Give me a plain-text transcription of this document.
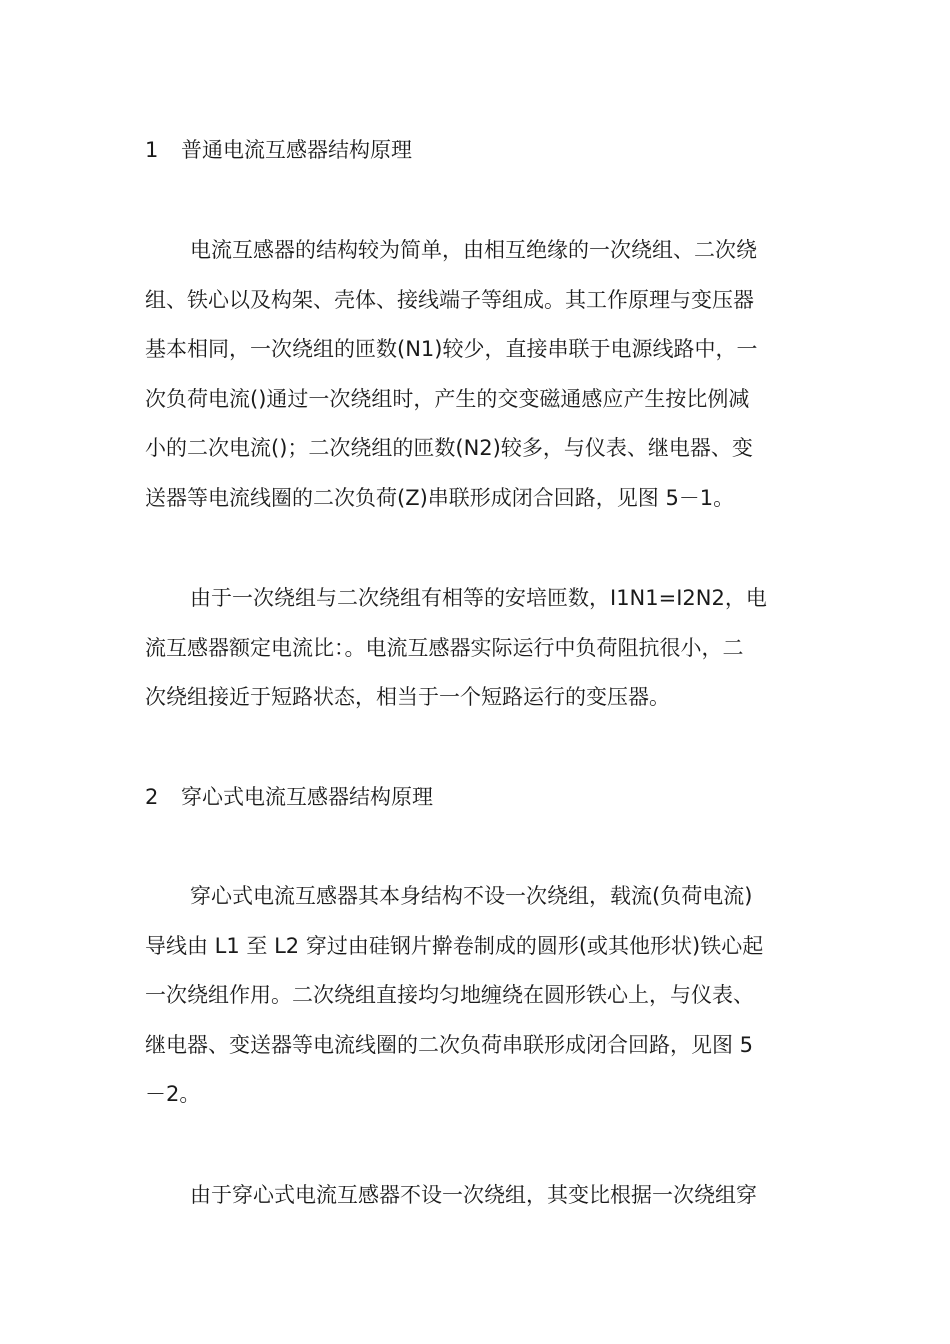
1 普通电流互感器结构原理
电流互感器的结构较为简单，由相互绝缘的一次绕组、二次绕
组、铁心以及构架、壳体、接线端子等组成。其工作原理与变压器
基本相同，一次绕组的匝数(N1)较少，直接串联于电源线路中，一
次负荷电流()通过一次绕组时，产生的交变磁通感应产生按比例减
小的二次电流()；二次绕组的匝数(N2)较多，与仪表、继电器、变
送器等电流线圈的二次负荷(Z)串联形成闭合回路，见图 5－1。
由于一次绕组与二次绕组有相等的安培匝数，I1N1=I2N2，电
流互感器额定电流比：。电流互感器实际运行中负荷阻抗很小，二
次绕组接近于短路状态，相当于一个短路运行的变压器。
2 穿心式电流互感器结构原理
穿心式电流互感器其本身结构不设一次绕组，载流(负荷电流)
导线由 L1 至 L2 穿过由硅钢片擀卷制成的圆形(或其他形状)铁心起
一次绕组作用。二次绕组直接均匀地缠绕在圆形铁心上，与仪表、
继电器、变送器等电流线圈的二次负荷串联形成闭合回路，见图 5
－2。
由于穿心式电流互感器不设一次绕组，其变比根据一次绕组穿
